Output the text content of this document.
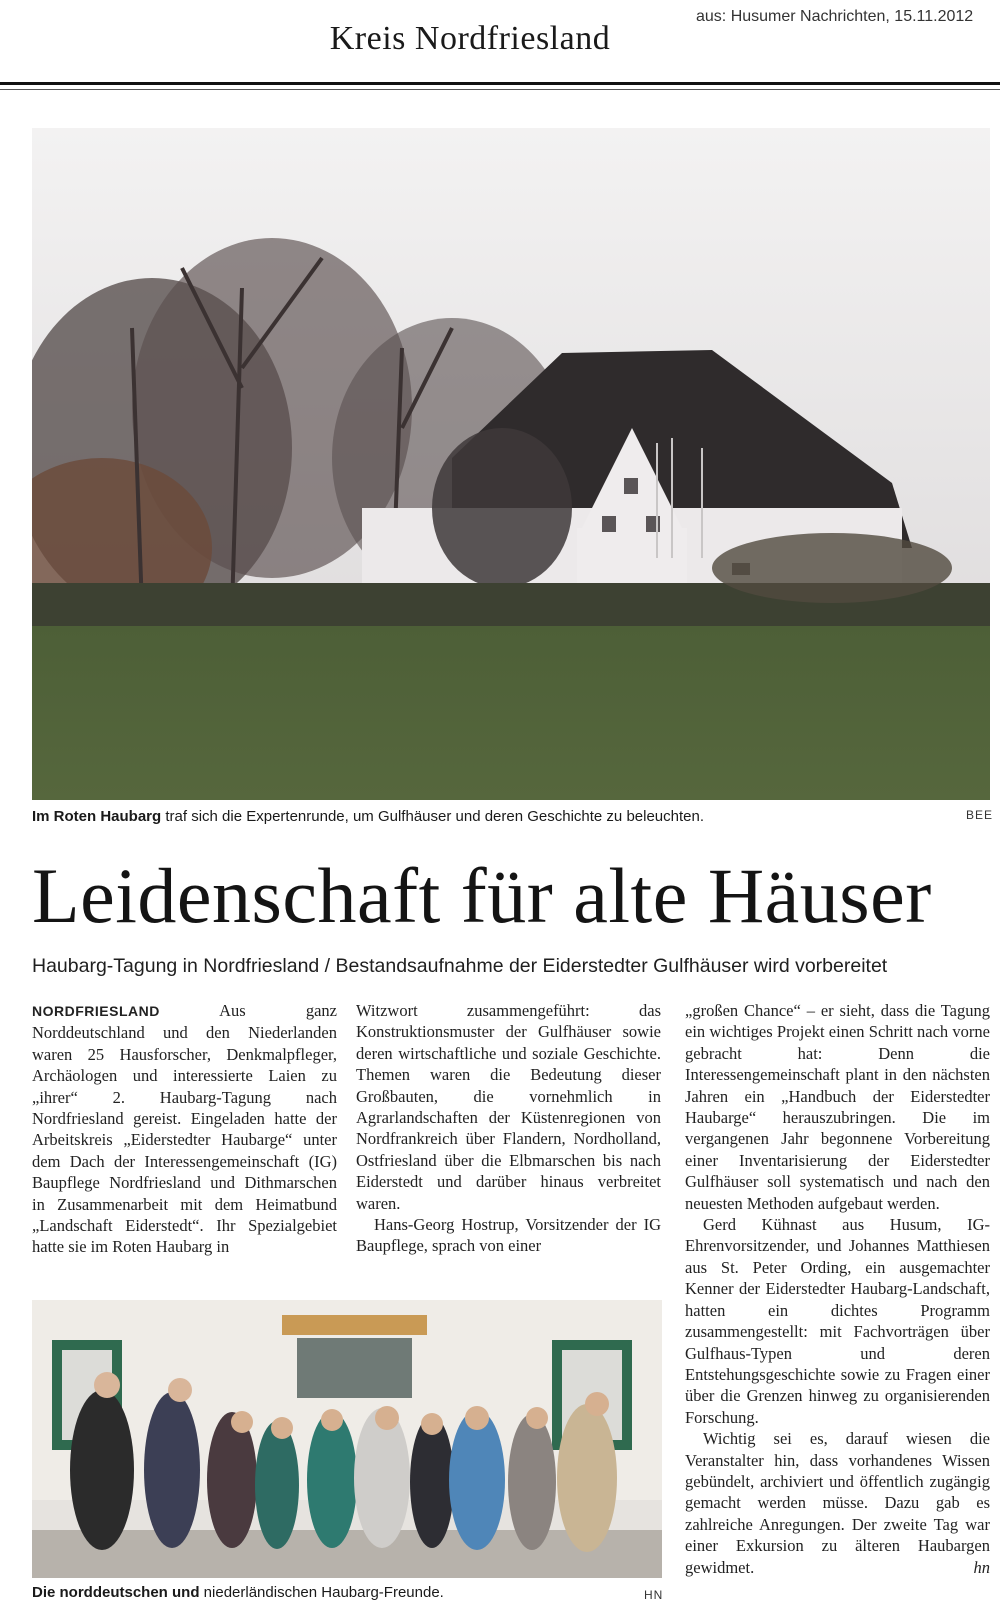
aus: Husumer Nachrichten, 15.11.2012
Kreis Nordfriesland
Im Roten Haubarg traf sich die Expertenrunde, um Gulfhäuser und deren Geschichte zu beleuchten.	BEE
Leidenschaft für alte Häuser
Haubarg-Tagung in Nordfriesland / Bestandsaufnahme der Eiderstedter Gulfhäuser wird vorbereitet

NORDFRIESLAND	Aus ganz Norddeutschland und den Niederlanden waren 25 Hausforscher, Denkmalpfleger, Archäologen und interessierte Laien zu „ihrer“ 2. Haubarg-Tagung nach Nordfriesland gereist. Eingeladen hatte der Arbeitskreis „Eiderstedter Haubarge“ unter dem Dach der Interessengemeinschaft (IG) Baupflege Nordfriesland und Dithmarschen in Zusammenarbeit mit dem Heimatbund „Landschaft Eiderstedt“. Ihr Spezialgebiet hatte sie im Roten Haubarg in

Witzwort zusammengeführt: das Konstruktionsmuster der Gulfhäuser sowie deren wirtschaftliche und soziale Geschichte. Themen waren die Bedeutung dieser Großbauten, die vornehmlich in Agrarlandschaften der Küstenregionen von Nordfrankreich über Flandern, Nordholland, Ostfriesland über die Elbmarschen bis nach Eiderstedt und darüber hinaus verbreitet waren.

Hans-Georg Hostrup, Vorsitzender der IG Baupflege, sprach von einer

„großen Chance“ – er sieht, dass die Tagung ein wichtiges Projekt einen Schritt nach vorne gebracht hat: Denn die Interessengemeinschaft plant in den nächsten Jahren ein „Handbuch der Eiderstedter Haubarge“ herauszubringen. Die im vergangenen Jahr begonnene Vorbereitung einer Inventarisierung der Eiderstedter Gulfhäuser soll systematisch und nach den neuesten Methoden aufgebaut werden.

Gerd Kühnast aus Husum, IG-Ehrenvorsitzender, und Johannes Matthiesen aus St. Peter Ording, ein ausgemachter Kenner der Eiderstedter Haubarg-Landschaft, hatten ein dichtes Programm zusammengestellt: mit Fachvorträgen über Gulfhaus-Typen und deren Entstehungsgeschichte sowie zu Fragen einer über die Grenzen hinweg zu organisierenden Forschung.

Wichtig sei es, darauf wiesen die Veranstalter hin, dass vorhandenes Wissen gebündelt, archiviert und öffentlich zugängig gemacht werden müsse. Dazu gab es zahlreiche Anregungen. Der zweite Tag war einer Exkursion zu älteren Haubargen gewidmet.	hn

Die norddeutschen und niederländischen Haubarg-Freunde.	HN
